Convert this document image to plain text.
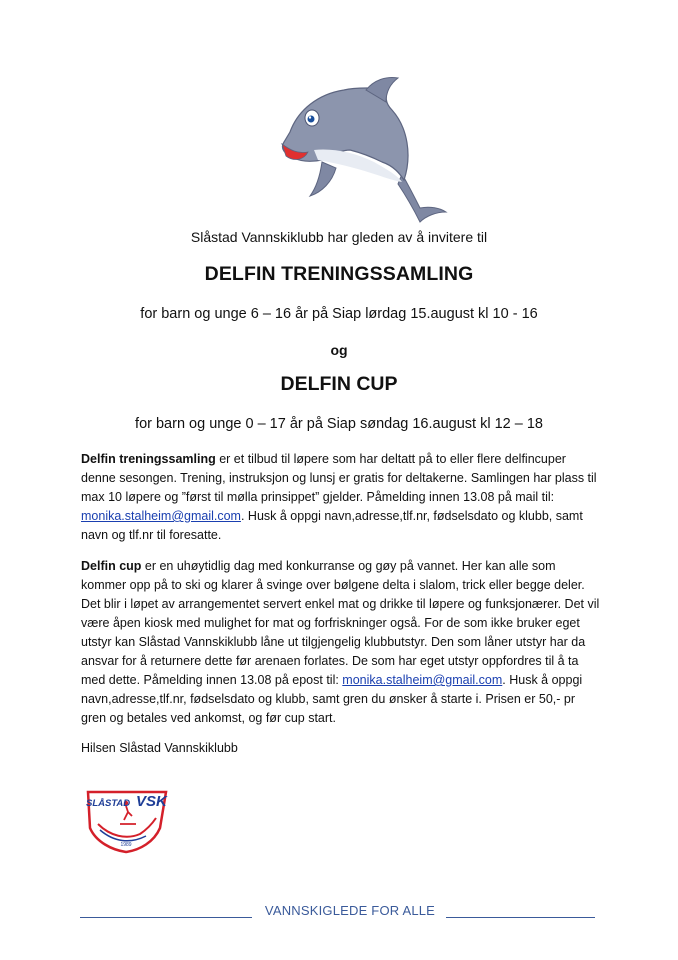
Slåstad Vannskiklubb har gleden av å invitere til
DELFIN TRENINGSSAMLING
for barn og unge 6 – 16 år på Siap lørdag 15.august kl 10 - 16
og
DELFIN CUP
for barn og unge 0 – 17 år på Siap søndag 16.august kl 12 – 18

Delfin treningssamling er et tilbud til løpere som har deltatt på to eller flere delfincuper denne sesongen. Trening, instruksjon og lunsj er gratis for deltakerne. Samlingen har plass til max 10 løpere og ”først til mølla prinsippet” gjelder. Påmelding innen 13.08 på mail til: monika.stalheim@gmail.com. Husk å oppgi navn,adresse,tlf.nr, fødselsdato og klubb, samt navn og tlf.nr til foresatte.

Delfin cup er en uhøytidlig dag med konkurranse og gøy på vannet. Her kan alle som kommer opp på to ski og klarer å svinge over bølgene delta i slalom, trick eller begge deler. Det blir i løpet av arrangementet servert enkel mat og drikke til løpere og funksjonærer. Det vil være åpen kiosk med mulighet for mat og forfriskninger også. For de som ikke bruker eget utstyr kan Slåstad Vannskiklubb låne ut tilgjengelig klubbutstyr. Den som låner utstyr har da ansvar for å returnere dette før arenaen forlates. De som har eget utstyr oppfordres til å ta med dette. Påmelding innen 13.08 på epost til: monika.stalheim@gmail.com. Husk å oppgi navn,adresse,tlf.nr, fødselsdato og klubb, samt gren du ønsker å starte i. Prisen er 50,- pr gren og betales ved ankomst, og før cup start.

Hilsen Slåstad Vannskiklubb
SLÅSTAD VSK
1989
VANNSKIGLEDE FOR ALLE
